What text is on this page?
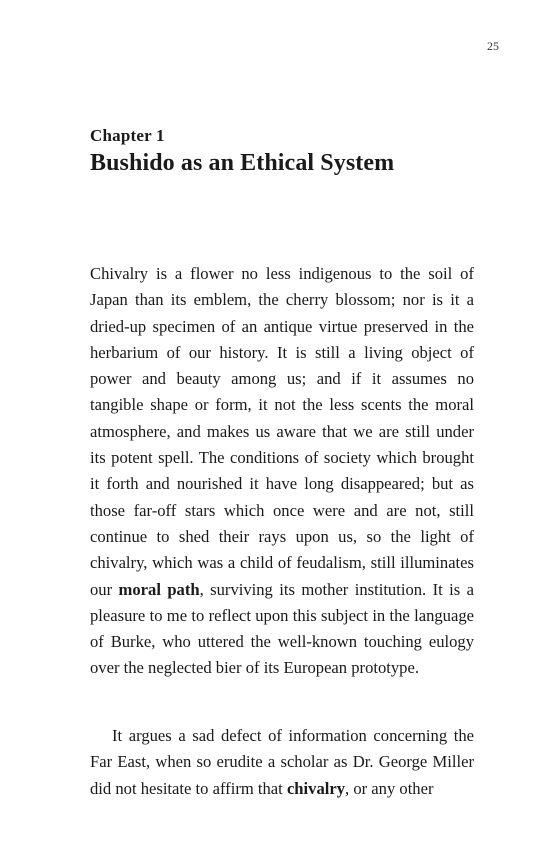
25
Chapter 1
Bushido as an Ethical System
Chivalry is a flower no less indigenous to the soil of Japan than its emblem, the cherry blossom; nor is it a dried-up specimen of an antique virtue preserved in the herbarium of our history. It is still a living object of power and beauty among us; and if it assumes no tangible shape or form, it not the less scents the moral atmosphere, and makes us aware that we are still under its potent spell. The conditions of society which brought it forth and nourished it have long disappeared; but as those far-off stars which once were and are not, still continue to shed their rays upon us, so the light of chivalry, which was a child of feudalism, still illuminates our moral path, surviving its mother institution. It is a pleasure to me to reflect upon this subject in the language of Burke, who uttered the well-known touching eulogy over the neglected bier of its European prototype.
It argues a sad defect of information concerning the Far East, when so erudite a scholar as Dr. George Miller did not hesitate to affirm that chivalry, or any other
